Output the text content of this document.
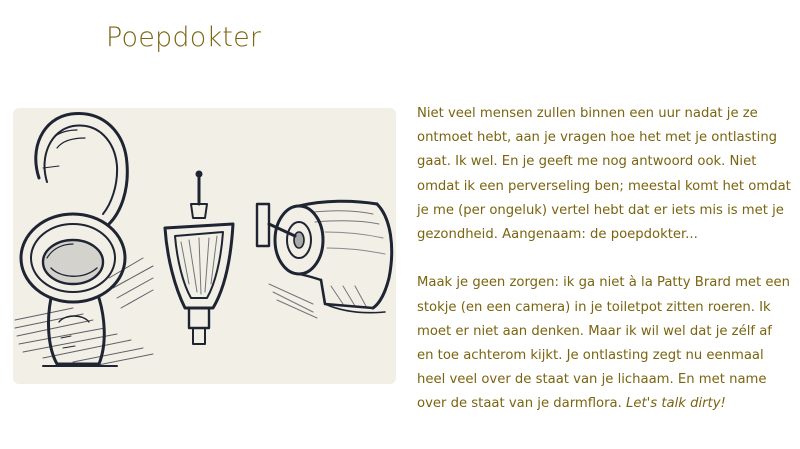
Poepdokter

Niet veel mensen zullen binnen een uur nadat je ze ontmoet hebt, aan je vragen hoe het met je ontlasting gaat. Ik wel. En je geeft me nog antwoord ook. Niet omdat ik een perverseling ben; meestal komt het omdat je me (per ongeluk) vertel hebt dat er iets mis is met je gezondheid. Aangenaam: de poepdokter...

Maak je geen zorgen: ik ga niet à la Patty Brard met een stokje (en een camera) in je toiletpot zitten roeren. Ik moet er niet aan denken. Maar ik wil wel dat je zélf af en toe achterom kijkt. Je ontlasting zegt nu eenmaal heel veel over de staat van je lichaam. En met name over de staat van je darmflora. Let's talk dirty!
